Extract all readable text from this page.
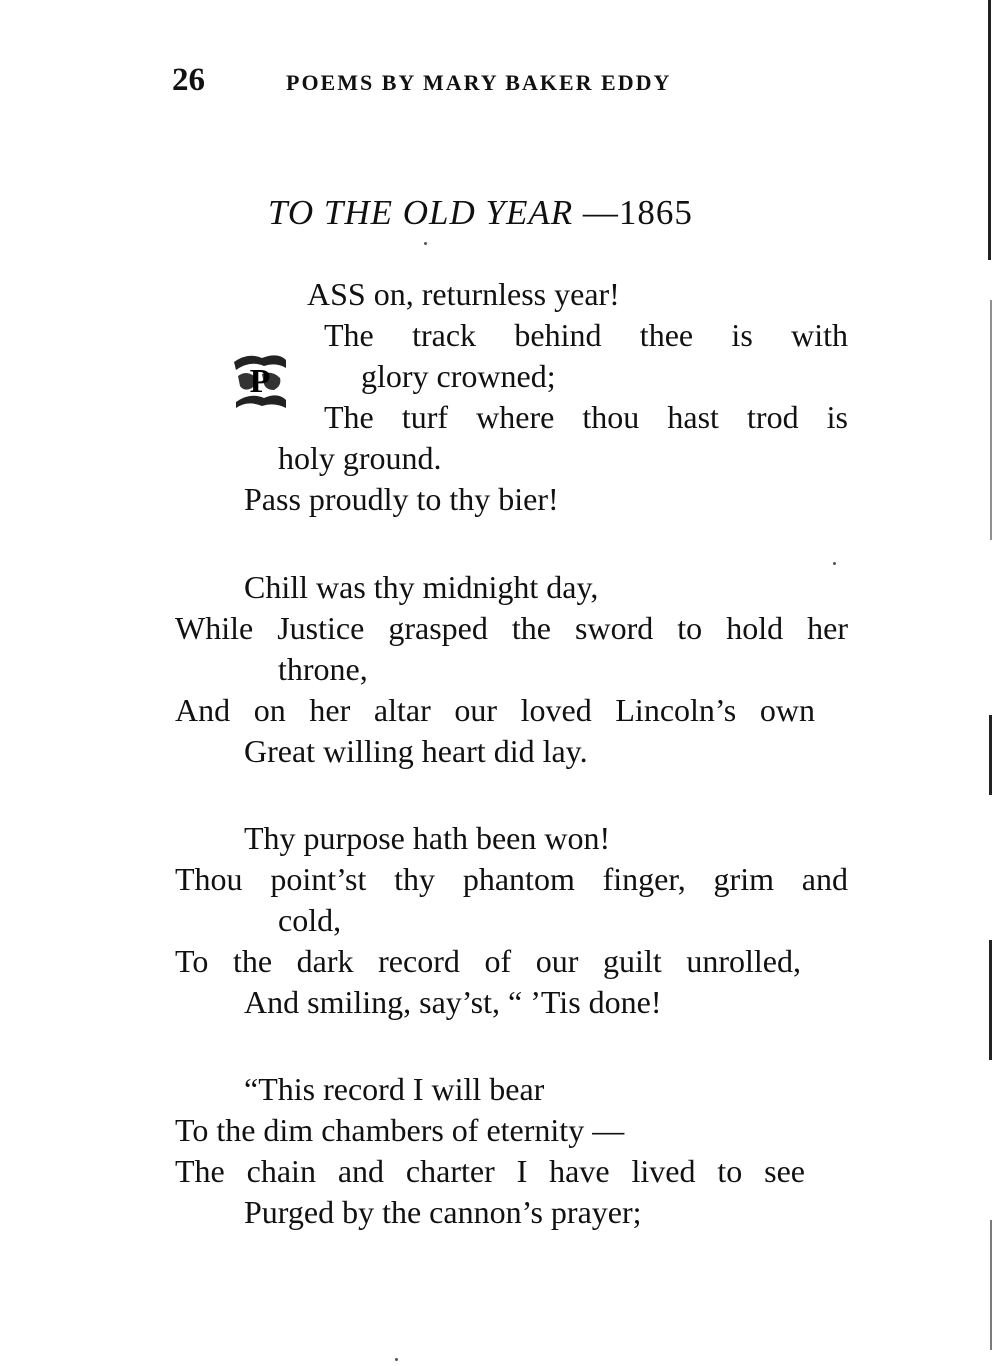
26	POEMS BY MARY BAKER EDDY
TO THE OLD YEAR —1865
P
ASS on, returnless year!
The track behind thee is with
glory crowned;
The turf where thou hast trod is
holy ground.
Pass proudly to thy bier!
Chill was thy midnight day,
While Justice grasped the sword to hold her
throne,
And on her altar our loved Lincoln’s own
Great willing heart did lay.
Thy purpose hath been won!
Thou point’st thy phantom finger, grim and
cold,
To the dark record of our guilt unrolled,
And smiling, say’st, “ ’Tis done!
“This record I will bear
To the dim chambers of eternity —
The chain and charter I have lived to see
Purged by the cannon’s prayer;
